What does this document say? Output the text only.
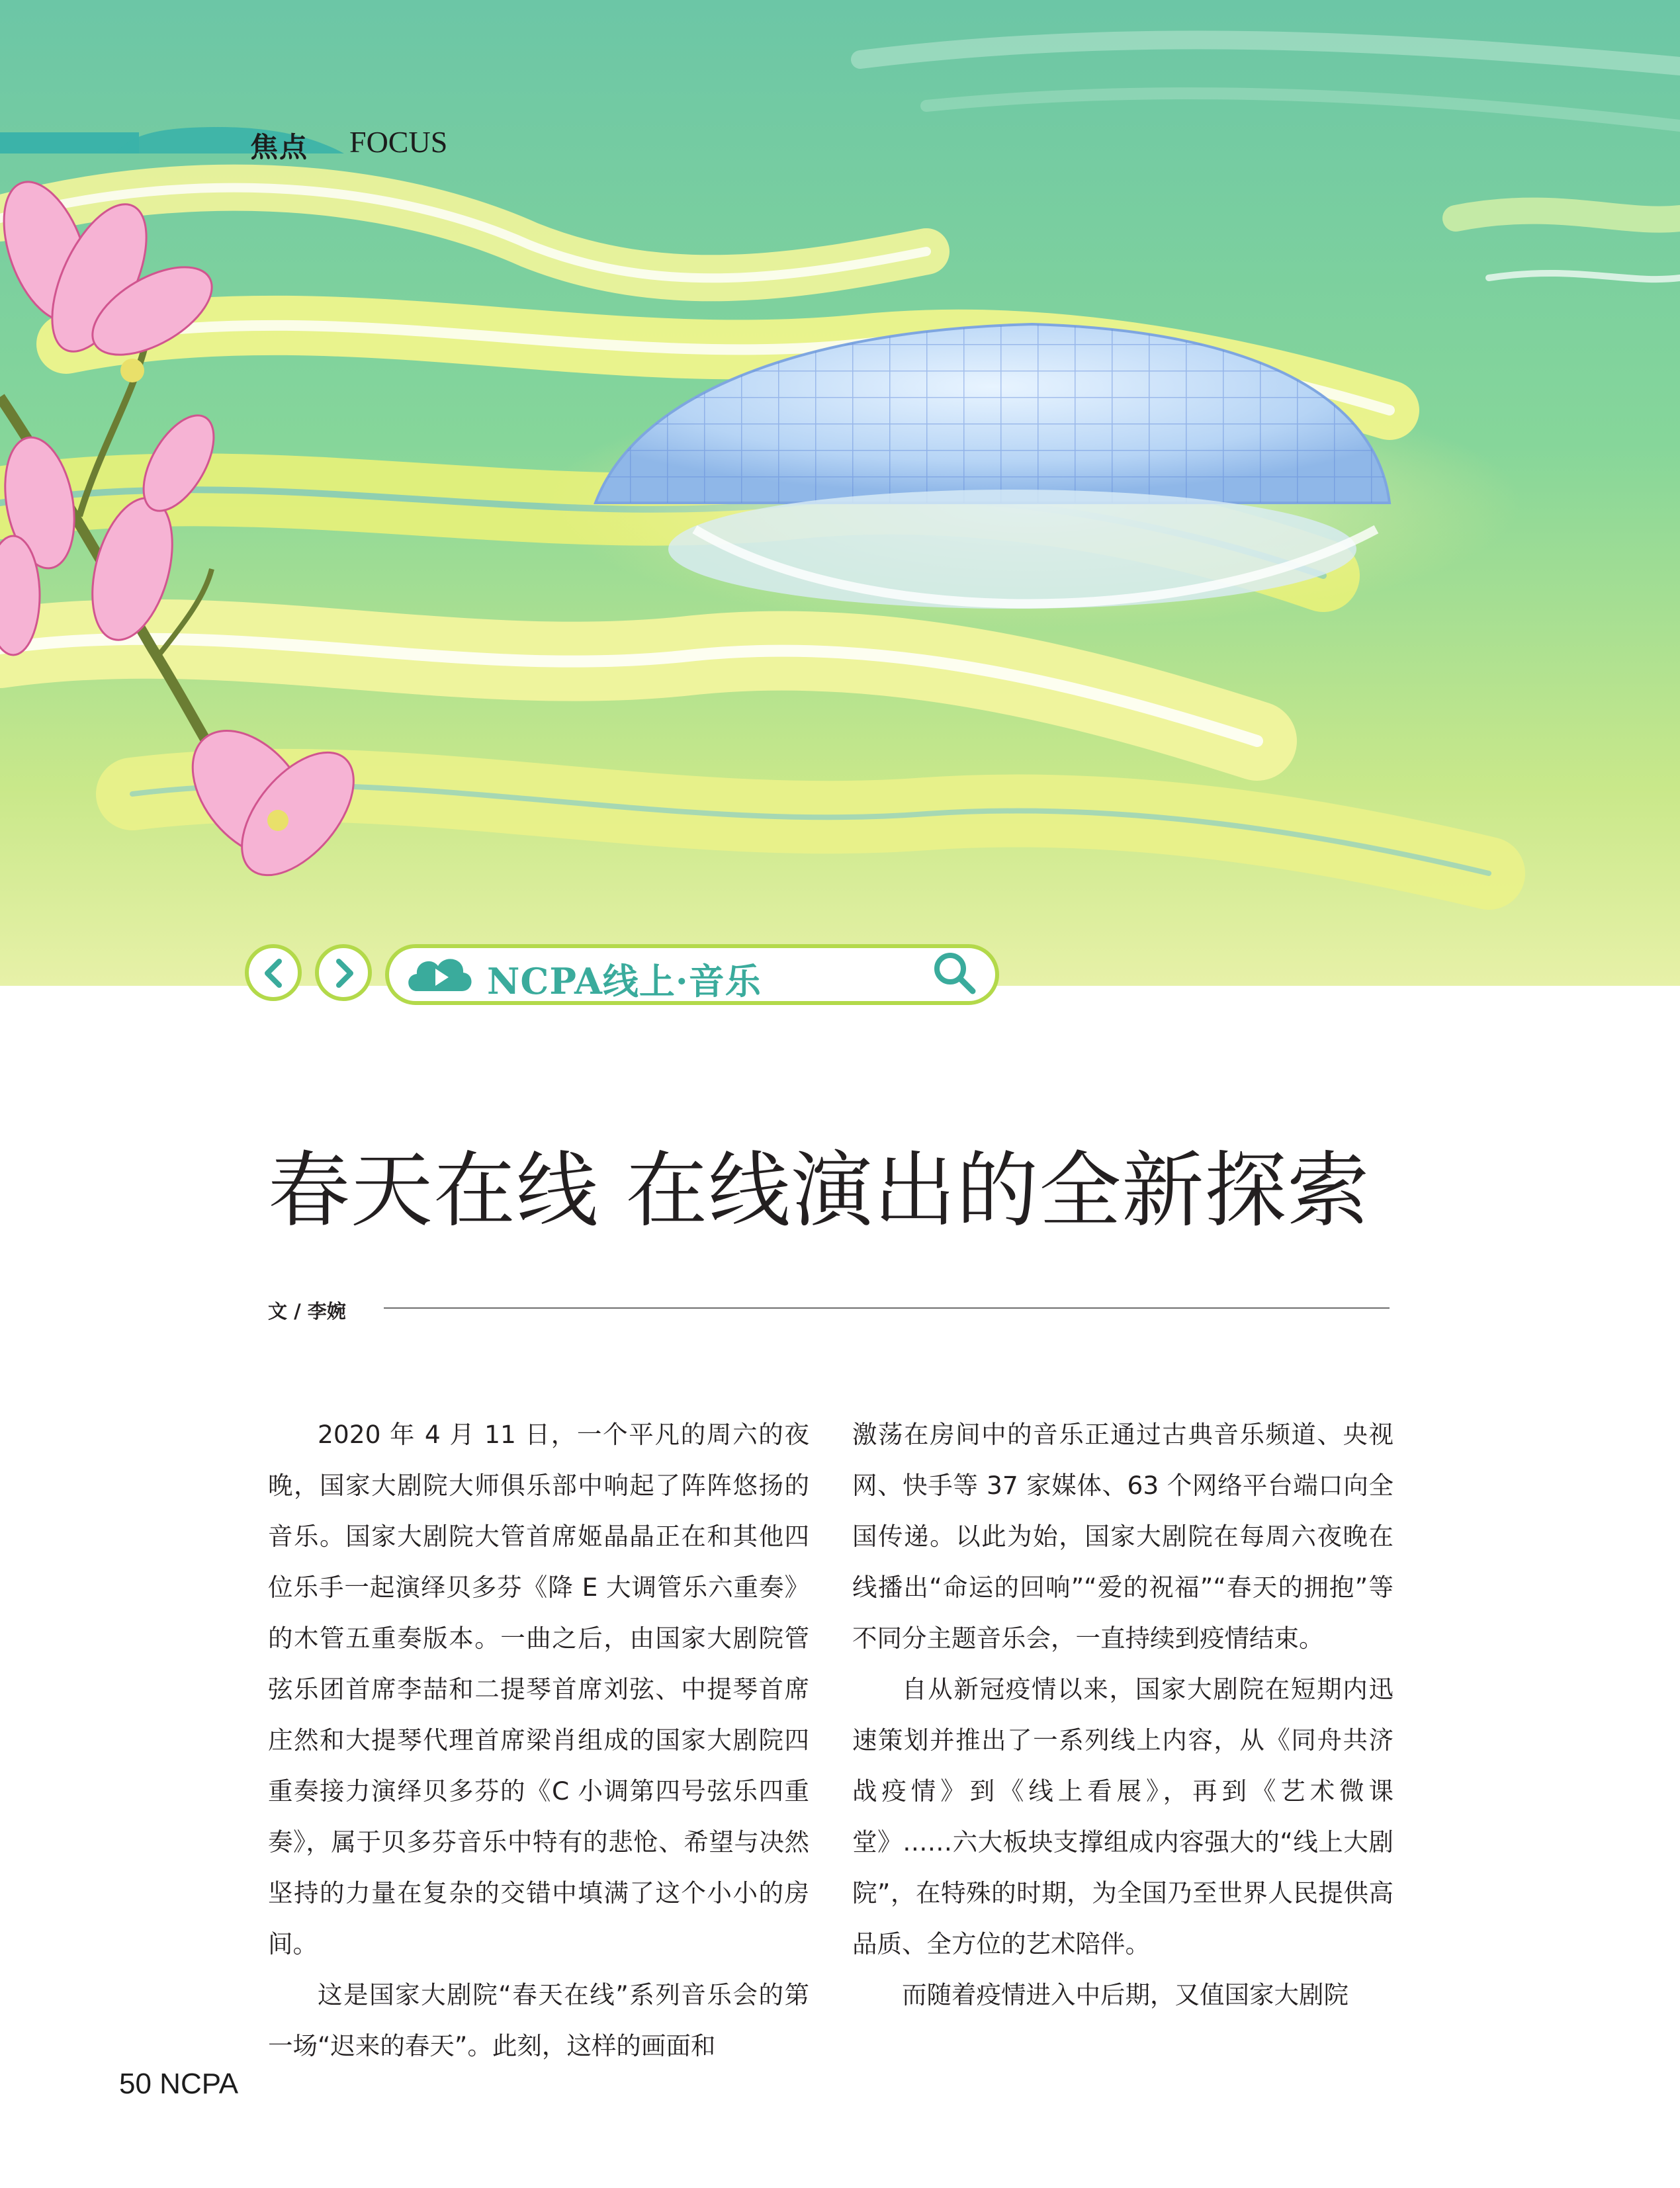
焦点 FOCUS
NCPA线上·音乐
春天在线 在线演出的全新探索
文 / 李婉

2020 年 4 月 11 日，一个平凡的周六的夜晚，国家大剧院大师俱乐部中响起了阵阵悠扬的音乐。国家大剧院大管首席姬晶晶正在和其他四位乐手一起演绎贝多芬《降 E 大调管乐六重奏》的木管五重奏版本。一曲之后，由国家大剧院管弦乐团首席李喆和二提琴首席刘弦、中提琴首席庄然和大提琴代理首席梁肖组成的国家大剧院四重奏接力演绎贝多芬的《C 小调第四号弦乐四重奏》，属于贝多芬音乐中特有的悲怆、希望与决然坚持的力量在复杂的交错中填满了这个小小的房间。

这是国家大剧院“春天在线”系列音乐会的第一场“迟来的春天”。此刻，这样的画面和

激荡在房间中的音乐正通过古典音乐频道、央视网、快手等 37 家媒体、63 个网络平台端口向全国传递。以此为始，国家大剧院在每周六夜晚在线播出“命运的回响”“爱的祝福”“春天的拥抱”等不同分主题音乐会，一直持续到疫情结束。

自从新冠疫情以来，国家大剧院在短期内迅速策划并推出了一系列线上内容，从《同舟共济战疫情》到《线上看展》，再到《艺术微课堂》……六大板块支撑组成内容强大的“线上大剧院”，在特殊的时期，为全国乃至世界人民提供高品质、全方位的艺术陪伴。

而随着疫情进入中后期，又值国家大剧院

50 NCPA
